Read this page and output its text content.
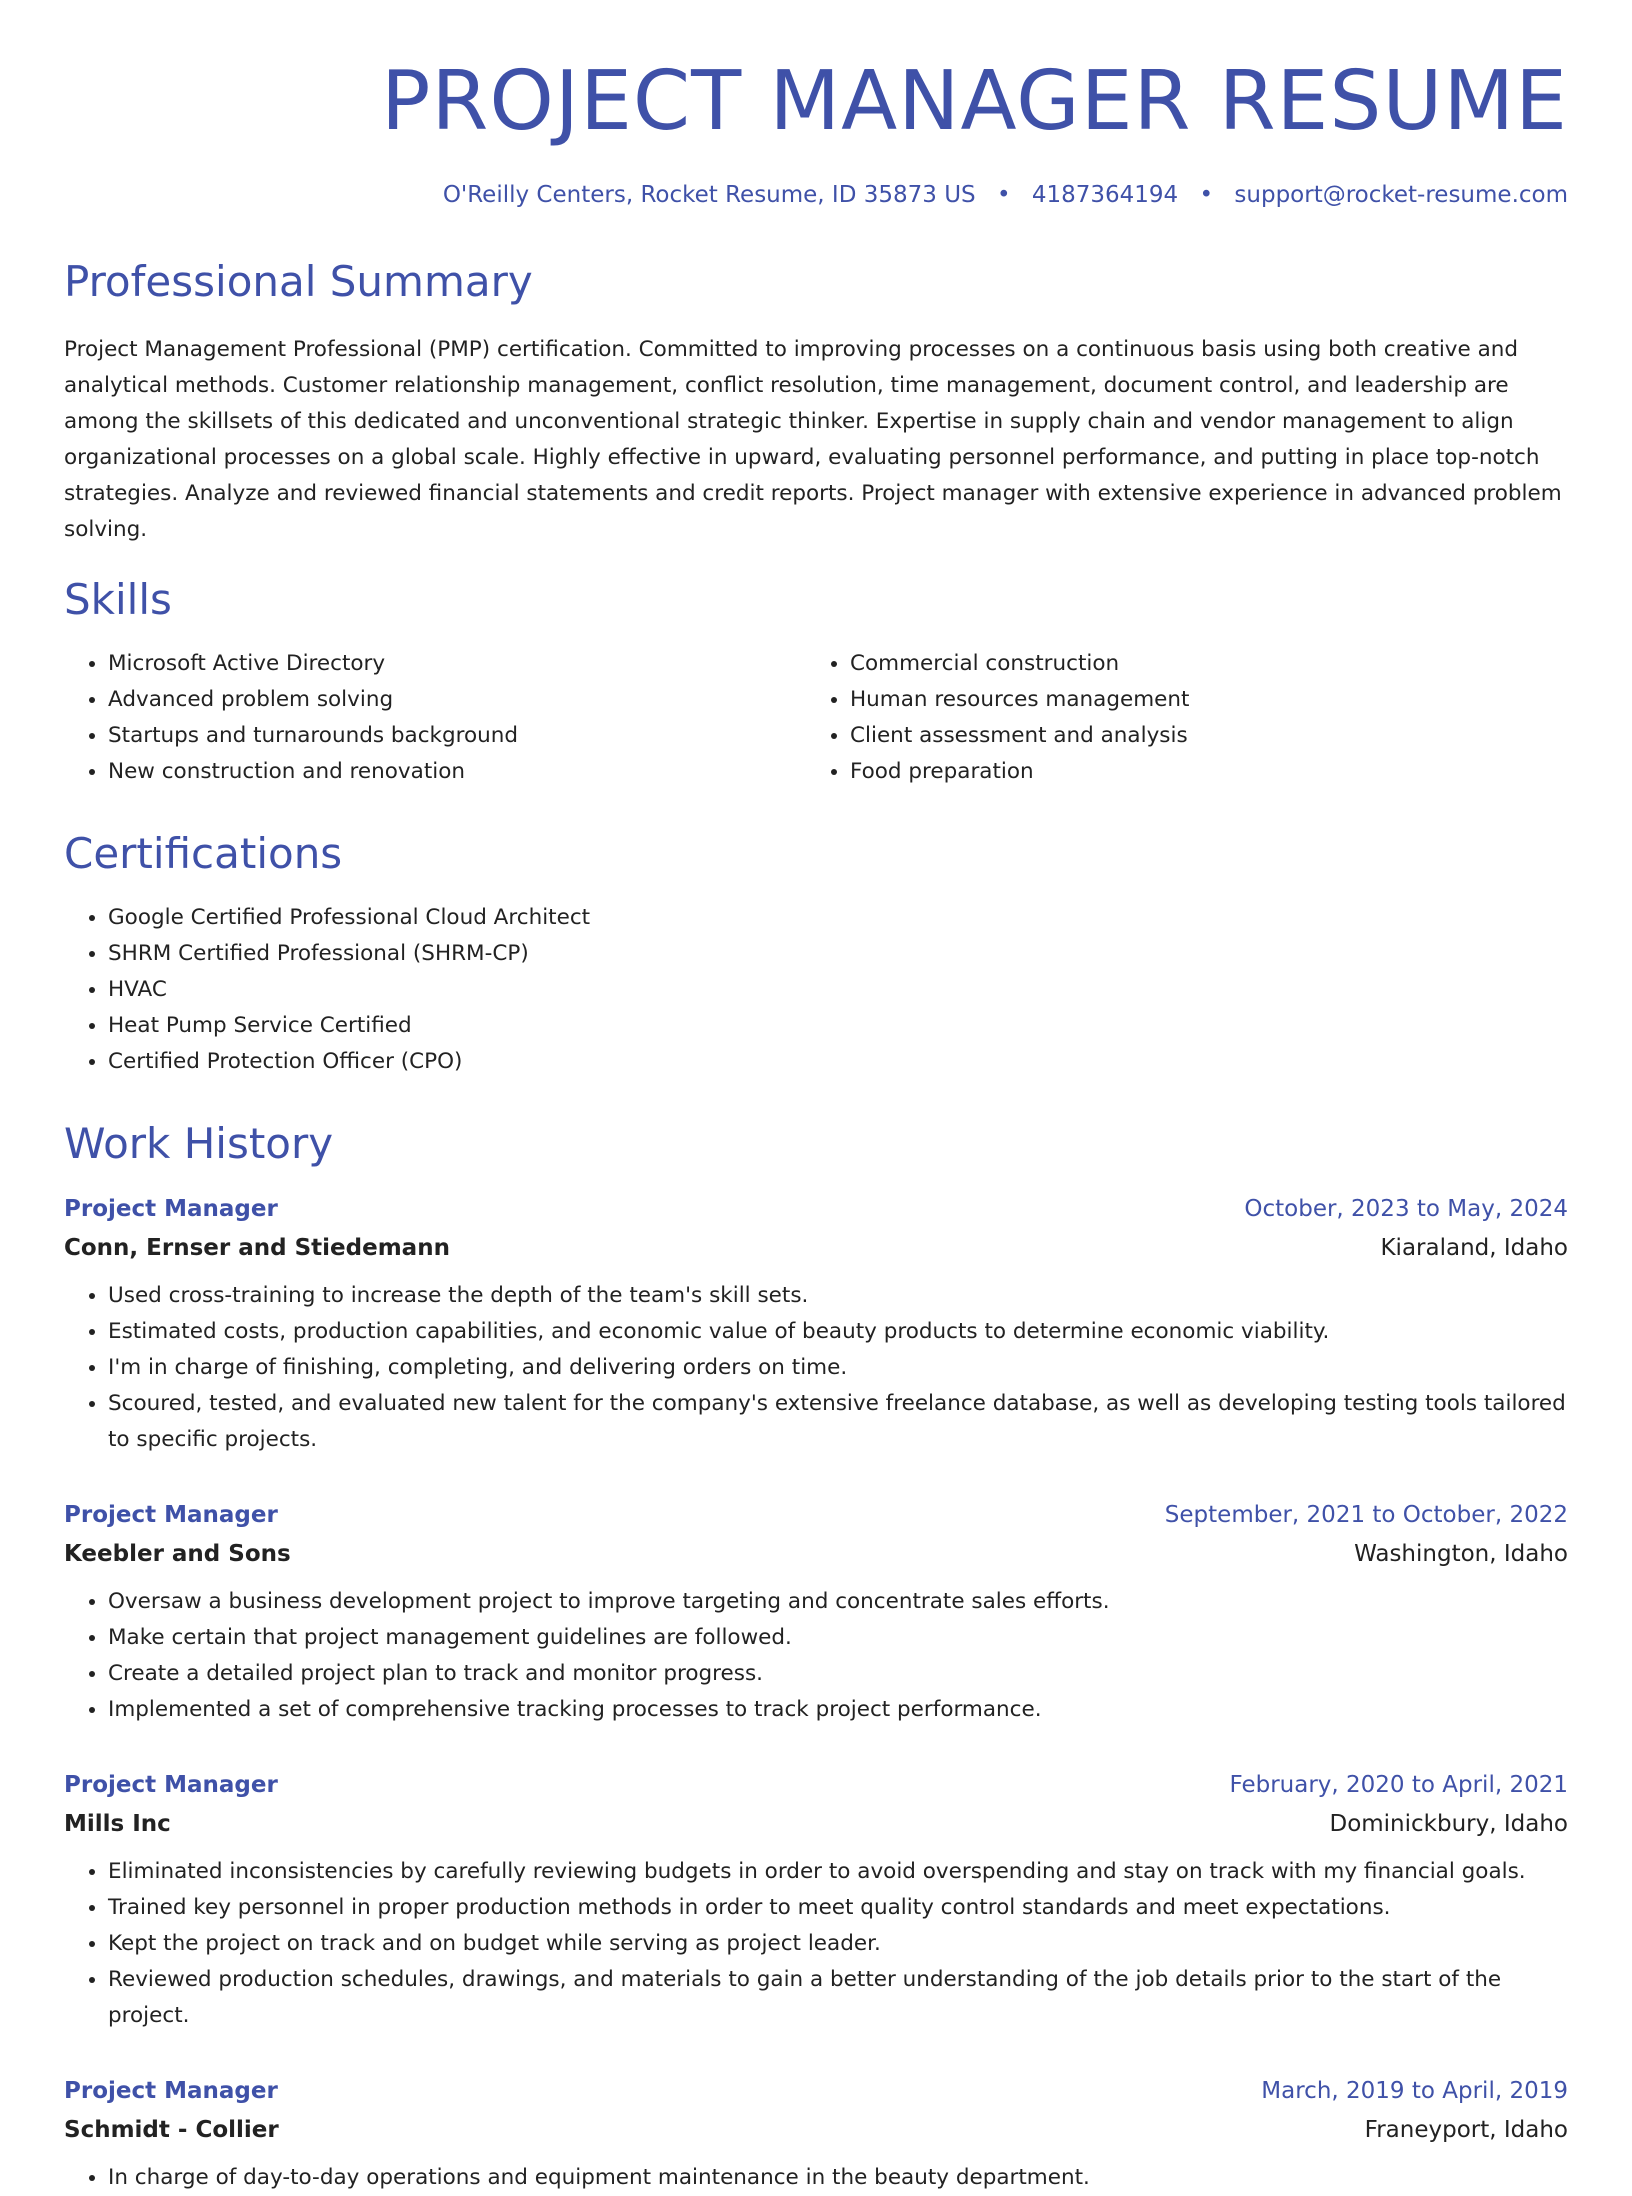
PROJECT MANAGER RESUME
O'Reilly Centers, Rocket Resume, ID 35873 US • 4187364194 • support@rocket-resume.com
Professional Summary

Project Management Professional (PMP) certification. Committed to improving processes on a continuous basis using both creative and analytical methods. Customer relationship management, conflict resolution, time management, document control, and leadership are among the skillsets of this dedicated and unconventional strategic thinker. Expertise in supply chain and vendor management to align organizational processes on a global scale. Highly effective in upward, evaluating personnel performance, and putting in place top-notch strategies. Analyze and reviewed financial statements and credit reports. Project manager with extensive experience in advanced problem solving.

Skills
• Microsoft Active Directory
• Advanced problem solving
• Startups and turnarounds background
• New construction and renovation
• Commercial construction
• Human resources management
• Client assessment and analysis
• Food preparation
Certifications
• Google Certified Professional Cloud Architect
• SHRM Certified Professional (SHRM-CP)
• HVAC
• Heat Pump Service Certified
• Certified Protection Officer (CPO)
Work History
Project Manager	October, 2023 to May, 2024
Conn, Ernser and Stiedemann	Kiaraland, Idaho
• Used cross-training to increase the depth of the team's skill sets.
• Estimated costs, production capabilities, and economic value of beauty products to determine economic viability.
• I'm in charge of finishing, completing, and delivering orders on time.
• Scoured, tested, and evaluated new talent for the company's extensive freelance database, as well as developing testing tools tailored to specific projects.
Project Manager	September, 2021 to October, 2022
Keebler and Sons	Washington, Idaho
• Oversaw a business development project to improve targeting and concentrate sales efforts.
• Make certain that project management guidelines are followed.
• Create a detailed project plan to track and monitor progress.
• Implemented a set of comprehensive tracking processes to track project performance.
Project Manager	February, 2020 to April, 2021
Mills Inc	Dominickbury, Idaho
• Eliminated inconsistencies by carefully reviewing budgets in order to avoid overspending and stay on track with my financial goals.
• Trained key personnel in proper production methods in order to meet quality control standards and meet expectations.
• Kept the project on track and on budget while serving as project leader.
• Reviewed production schedules, drawings, and materials to gain a better understanding of the job details prior to the start of the project.
Project Manager	March, 2019 to April, 2019
Schmidt - Collier	Franeyport, Idaho
• In charge of day-to-day operations and equipment maintenance in the beauty department.
